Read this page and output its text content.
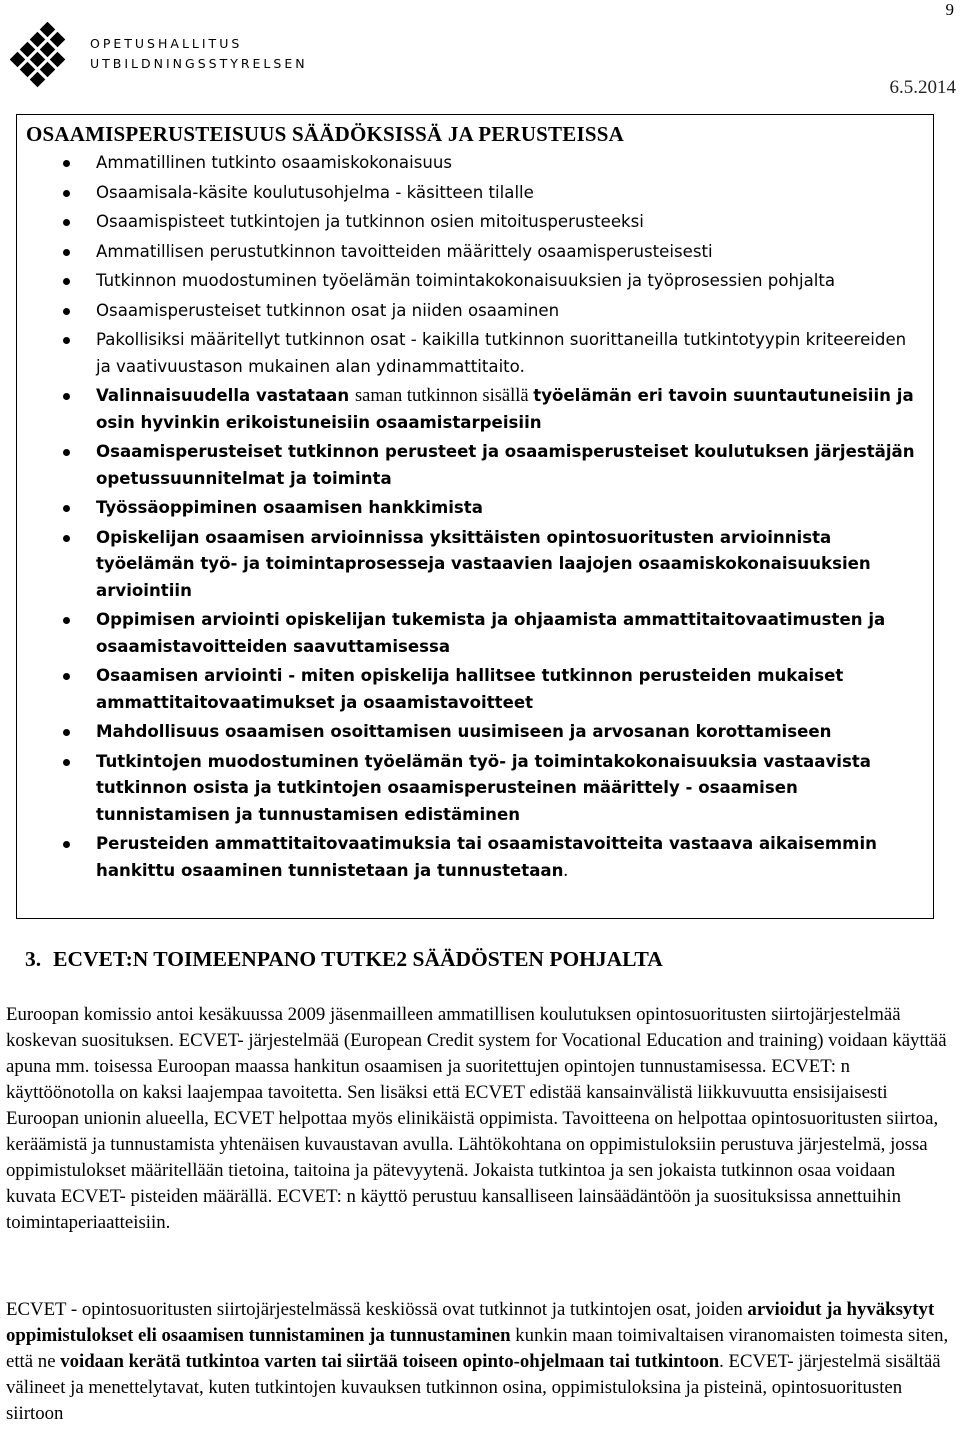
OPETUSHALLITUS
UTBILDNINGSSTYRELSEN
9
6.5.2014
OSAAMISPERUSTEISUUS SÄÄDÖKSISSÄ JA PERUSTEISSA
Ammatillinen tutkinto osaamiskokonaisuus
Osaamisala-käsite koulutusohjelma - käsitteen tilalle
Osaamispisteet tutkintojen ja tutkinnon osien mitoitusperusteeksi
Ammatillisen perustutkinnon tavoitteiden määrittely osaamisperusteisesti
Tutkinnon muodostuminen työelämän toimintakokonaisuuksien ja työprosessien pohjalta
Osaamisperusteiset tutkinnon osat ja niiden osaaminen
Pakollisiksi määritellyt tutkinnon osat - kaikilla tutkinnon suorittaneilla tutkintotyypin kriteereiden ja vaativuustason mukainen alan ydinammattitaito.
Valinnaisuudella vastataan saman tutkinnon sisällä työelämän eri tavoin suuntautuneisiin ja osin hyvinkin erikoistuneisiin osaamistarpeisiin
Osaamisperusteiset tutkinnon perusteet ja osaamisperusteiset koulutuksen järjestäjän opetussuunnitelmat ja toiminta
Työssäoppiminen osaamisen hankkimista
Opiskelijan osaamisen arvioinnissa yksittäisten opintosuoritusten arvioinnista työelämän työ- ja toimintaprosesseja vastaavien laajojen osaamiskokonaisuuksien arviointiin
Oppimisen arviointi opiskelijan tukemista ja ohjaamista ammattitaitovaatimusten ja osaamistavoitteiden saavuttamisessa
Osaamisen arviointi - miten opiskelija hallitsee tutkinnon perusteiden mukaiset ammattitaitovaatimukset ja osaamistavoitteet
Mahdollisuus osaamisen osoittamisen uusimiseen ja arvosanan korottamiseen
Tutkintojen muodostuminen työelämän työ- ja toimintakokonaisuuksia vastaavista tutkinnon osista ja tutkintojen osaamisperusteinen määrittely - osaamisen tunnistamisen ja tunnustamisen edistäminen
Perusteiden ammattitaitovaatimuksia tai osaamistavoitteita vastaava aikaisemmin hankittu osaaminen tunnistetaan ja tunnustetaan.
3. ECVET:N TOIMEENPANO TUTKE2 SÄÄDÖSTEN POHJALTA

Euroopan komissio antoi kesäkuussa 2009 jäsenmailleen ammatillisen koulutuksen opintosuoritusten siirtojärjestelmää koskevan suosituksen. ECVET- järjestelmää (European Credit system for Vocational Education and training) voidaan käyttää apuna mm. toisessa Euroopan maassa hankitun osaamisen ja suoritettujen opintojen tunnustamisessa. ECVET: n käyttöönotolla on kaksi laajempaa tavoitetta. Sen lisäksi että ECVET edistää kansainvälistä liikkuvuutta ensisijaisesti Euroopan unionin alueella, ECVET helpottaa myös elinikäistä oppimista. Tavoitteena on helpottaa opintosuoritusten siirtoa, keräämistä ja tunnustamista yhtenäisen kuvaustavan avulla. Lähtökohtana on oppimistuloksiin perustuva järjestelmä, jossa oppimistulokset määritellään tietoina, taitoina ja pätevyytenä. Jokaista tutkintoa ja sen jokaista tutkinnon osaa voidaan kuvata ECVET- pisteiden määrällä. ECVET: n käyttö perustuu kansalliseen lainsäädäntöön ja suosituksissa annettuihin toimintaperiaatteisiin.

ECVET - opintosuoritusten siirtojärjestelmässä keskiössä ovat tutkinnot ja tutkintojen osat, joiden arvioidut ja hyväksytyt oppimistulokset eli osaamisen tunnistaminen ja tunnustaminen kunkin maan toimivaltaisen viranomaisten toimesta siten, että ne voidaan kerätä tutkintoa varten tai siirtää toiseen opinto-ohjelmaan tai tutkintoon. ECVET- järjestelmä sisältää välineet ja menettelytavat, kuten tutkintojen kuvauksen tutkinnon osina, oppimistuloksina ja pisteinä, opintosuoritusten siirtoon
